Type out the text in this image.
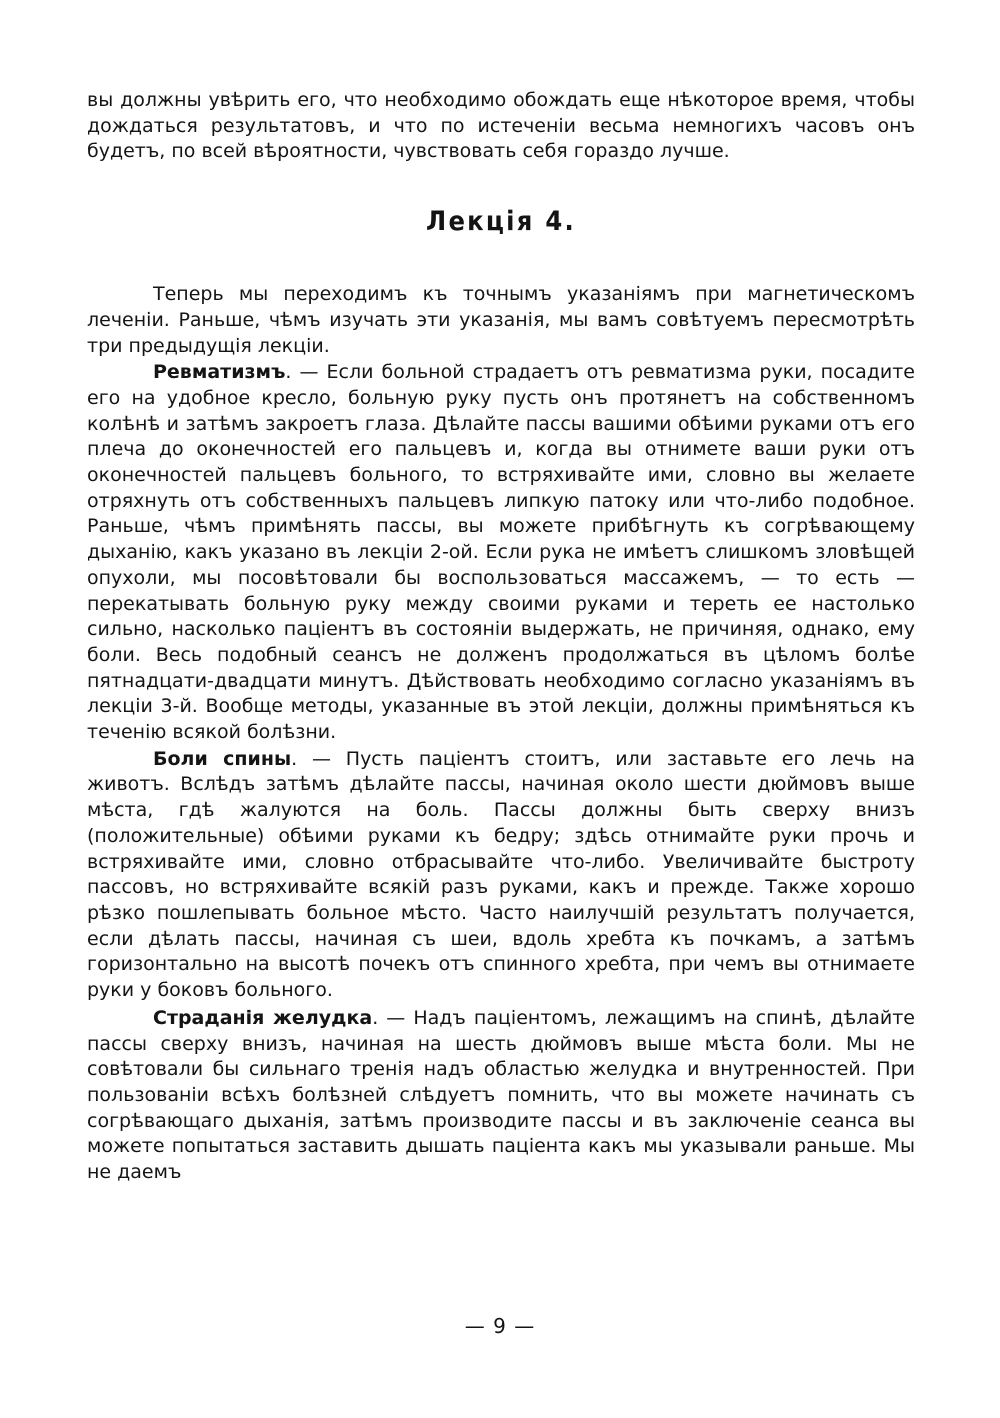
вы должны увѣрить его, что необходимо обождать еще нѣкоторое время, чтобы дождаться результатовъ, и что по истеченіи весьма немногихъ часовъ онъ будетъ, по всей вѣроятности, чувствовать себя гораздо лучше.

Лекція 4.

Теперь мы переходимъ къ точнымъ указаніямъ при магнетическомъ леченіи. Раньше, чѣмъ изучать эти указанія, мы вамъ совѣтуемъ пересмотрѣть три предыдущія лекціи.

Ревматизмъ. — Если больной страдаетъ отъ ревматизма руки, посадите его на удобное кресло, больную руку пусть онъ протянетъ на собственномъ колѣнѣ и затѣмъ закроетъ глаза. Дѣлайте пассы вашими обѣими руками отъ его плеча до оконечностей его пальцевъ и, когда вы отнимете ваши руки отъ оконечностей пальцевъ больного, то встряхивайте ими, словно вы желаете отряхнуть отъ собственныхъ пальцевъ липкую патоку или что-либо подобное. Раньше, чѣмъ примѣнять пассы, вы можете прибѣгнуть къ согрѣвающему дыханію, какъ указано въ лекціи 2-ой. Если рука не имѣетъ слишкомъ зловѣщей опухоли, мы посовѣтовали бы воспользоваться массажемъ, — то есть — перекатывать больную руку между своими руками и тереть ее настолько сильно, насколько паціентъ въ состояніи выдержать, не причиняя, однако, ему боли. Весь подобный сеансъ не долженъ продолжаться въ цѣломъ болѣе пятнадцати-двадцати минутъ. Дѣйствовать необходимо согласно указаніямъ въ лекціи 3-й. Вообще методы, указанные въ этой лекціи, должны примѣняться къ теченію всякой болѣзни.

Боли спины. — Пусть паціентъ стоитъ, или заставьте его лечь на животъ. Вслѣдъ затѣмъ дѣлайте пассы, начиная около шести дюймовъ выше мѣста, гдѣ жалуются на боль. Пассы должны быть сверху внизъ (положительные) обѣими руками къ бедру; здѣсь отнимайте руки прочь и встряхивайте ими, словно отбрасывайте что-либо. Увеличивайте быстроту пассовъ, но встряхивайте всякій разъ руками, какъ и прежде. Также хорошо рѣзко пошлепывать больное мѣсто. Часто наилучшій результатъ получается, если дѣлать пассы, начиная съ шеи, вдоль хребта къ почкамъ, а затѣмъ горизонтально на высотѣ почекъ отъ спинного хребта, при чемъ вы отнимаете руки у боковъ больного.

Страданія желудка. — Надъ паціентомъ, лежащимъ на спинѣ, дѣлайте пассы сверху внизъ, начиная на шесть дюймовъ выше мѣста боли. Мы не совѣтовали бы сильнаго тренія надъ областью желудка и внутренностей. При пользованіи всѣхъ болѣзней слѣдуетъ помнить, что вы можете начинать съ согрѣвающаго дыханія, затѣмъ производите пассы и въ заключеніе сеанса вы можете попытаться заставить дышать паціента какъ мы указывали раньше. Мы не даемъ

— 9 —
